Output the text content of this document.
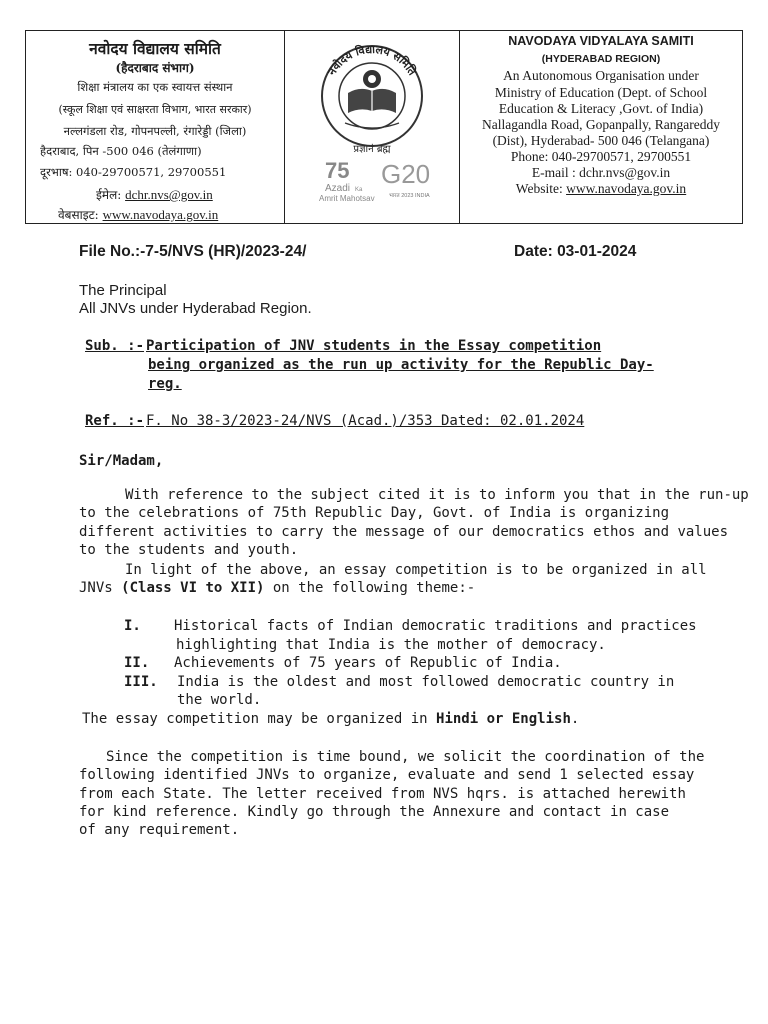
नवोदय विद्यालय समिति
(हैदराबाद संभाग)
शिक्षा मंत्रालय का एक स्वायत्त संस्थान
(स्कूल शिक्षा एवं साक्षरता विभाग, भारत सरकार)
नल्लगंडला रोड, गोपनपल्ली, रंगारेड्डी (जिला)
हैदराबाद, पिन -500 046 (तेलंगाणा)
दूरभाष: 040-29700571, 29700551
ईमेल: dchr.nvs@gov.in
वेबसाइट: www.navodaya.gov.in
नवोदय विद्यालय समिति
प्रज्ञानं ब्रह्म
75
Azadi Ka
Amrit Mahotsav
G20
भारत 2023 INDIA
NAVODAYA VIDYALAYA SAMITI
(HYDERABAD REGION)
An Autonomous Organisation under
Ministry of Education (Dept. of School
Education & Literacy ,Govt. of India)
Nallagandla Road, Gopanpally, Rangareddy
(Dist), Hyderabad- 500 046 (Telangana)
Phone: 040-29700571, 29700551
E-mail : dchr.nvs@gov.in
Website: www.navodaya.gov.in
File No.:-7-5/NVS (HR)/2023-24/	Date: 03-01-2024
The Principal
All JNVs under Hyderabad Region.
Sub. :- Participation of JNV students in the Essay competition
being organized as the run up activity for the Republic Day-
reg.
Ref. :- F. No 38-3/2023-24/NVS (Acad.)/353 Dated: 02.01.2024
Sir/Madam,
With reference to the subject cited it is to inform you that in the run-up
to the celebrations of 75th Republic Day, Govt. of India is organizing
different activities to carry the message of our democratics ethos and values
to the students and youth.
In light of the above, an essay competition is to be organized in all
JNVs (Class VI to XII) on the following theme:-
I. Historical facts of Indian democratic traditions and practices
highlighting that India is the mother of democracy.
II. Achievements of 75 years of Republic of India.
III. India is the oldest and most followed democratic country in
the world.
The essay competition may be organized in Hindi or English.
Since the competition is time bound, we solicit the coordination of the
following identified JNVs to organize, evaluate and send 1 selected essay
from each State. The letter received from NVS hqrs. is attached herewith
for kind reference. Kindly go through the Annexure and contact in case
of any requirement.
